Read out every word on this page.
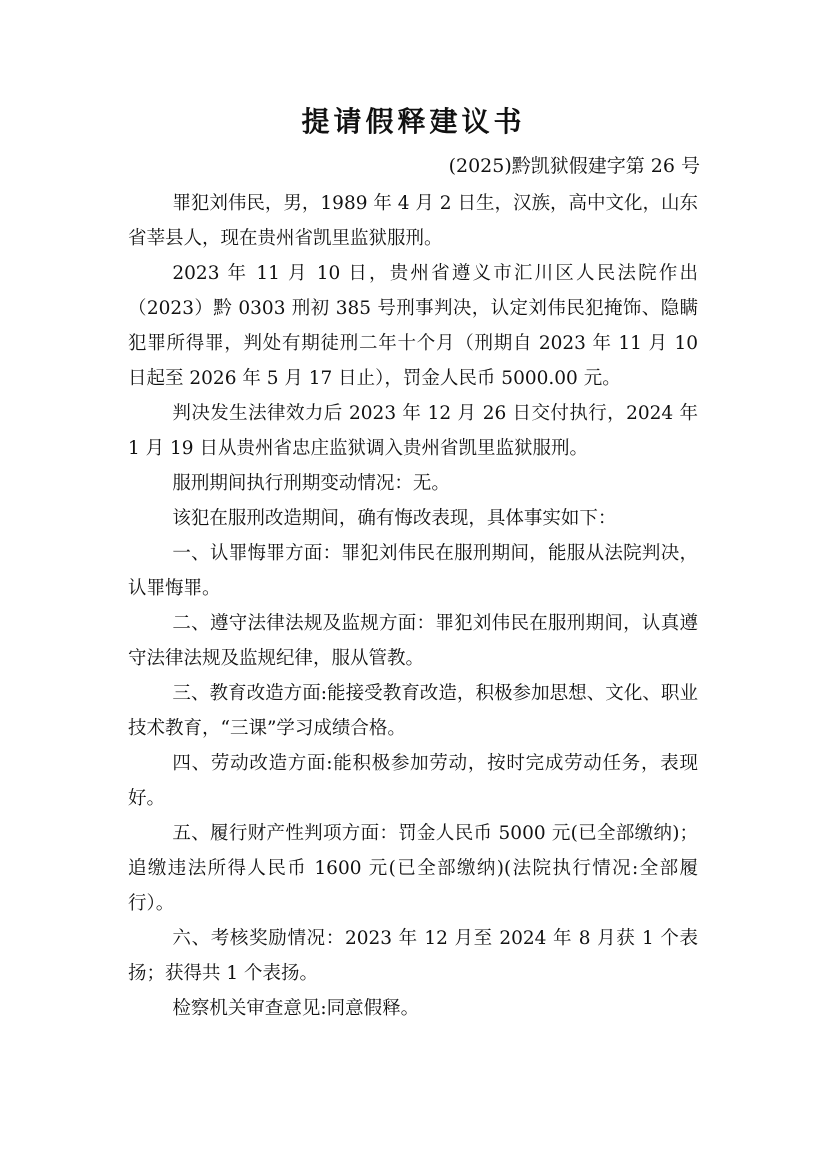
提请假释建议书
(2025)黔凯狱假建字第 26 号

罪犯刘伟民，男，1989 年 4 月 2 日生，汉族，高中文化，山东省莘县人，现在贵州省凯里监狱服刑。

2023 年 11 月 10 日，贵州省遵义市汇川区人民法院作出（2023）黔 0303 刑初 385 号刑事判决，认定刘伟民犯掩饰、隐瞒犯罪所得罪，判处有期徒刑二年十个月（刑期自 2023 年 11 月 10 日起至 2026 年 5 月 17 日止），罚金人民币 5000.00 元。

判决发生法律效力后 2023 年 12 月 26 日交付执行，2024 年 1 月 19 日从贵州省忠庄监狱调入贵州省凯里监狱服刑。

服刑期间执行刑期变动情况：无。

该犯在服刑改造期间，确有悔改表现，具体事实如下：

一、认罪悔罪方面：罪犯刘伟民在服刑期间，能服从法院判决，认罪悔罪。

二、遵守法律法规及监规方面：罪犯刘伟民在服刑期间，认真遵守法律法规及监规纪律，服从管教。

三、教育改造方面:能接受教育改造，积极参加思想、文化、职业技术教育，“三课”学习成绩合格。

四、劳动改造方面:能积极参加劳动，按时完成劳动任务，表现好。

五、履行财产性判项方面：罚金人民币 5000 元(已全部缴纳)；追缴违法所得人民币 1600 元(已全部缴纳)(法院执行情况:全部履行）。

六、考核奖励情况：2023 年 12 月至 2024 年 8 月获 1 个表扬；获得共 1 个表扬。

检察机关审查意见:同意假释。
